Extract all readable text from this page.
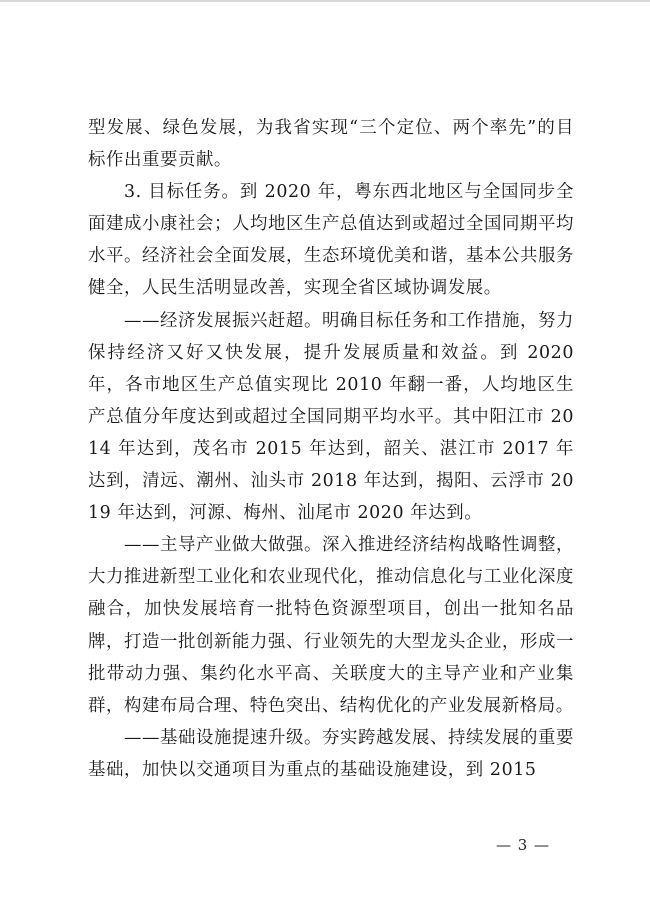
型发展、绿色发展，为我省实现“三个定位、两个率先”的目标作出重要贡献。

3. 目标任务。到 2020 年，粤东西北地区与全国同步全面建成小康社会；人均地区生产总值达到或超过全国同期平均水平。经济社会全面发展，生态环境优美和谐，基本公共服务健全，人民生活明显改善，实现全省区域协调发展。

——经济发展振兴赶超。明确目标任务和工作措施，努力保持经济又好又快发展，提升发展质量和效益。到 2020 年，各市地区生产总值实现比 2010 年翻一番，人均地区生产总值分年度达到或超过全国同期平均水平。其中阳江市 2014 年达到，茂名市 2015 年达到，韶关、湛江市 2017 年达到，清远、潮州、汕头市 2018 年达到，揭阳、云浮市 2019 年达到，河源、梅州、汕尾市 2020 年达到。

——主导产业做大做强。深入推进经济结构战略性调整，大力推进新型工业化和农业现代化，推动信息化与工业化深度融合，加快发展培育一批特色资源型项目，创出一批知名品牌，打造一批创新能力强、行业领先的大型龙头企业，形成一批带动力强、集约化水平高、关联度大的主导产业和产业集群，构建布局合理、特色突出、结构优化的产业发展新格局。

——基础设施提速升级。夯实跨越发展、持续发展的重要基础，加快以交通项目为重点的基础设施建设，到 2015

— 3 —
